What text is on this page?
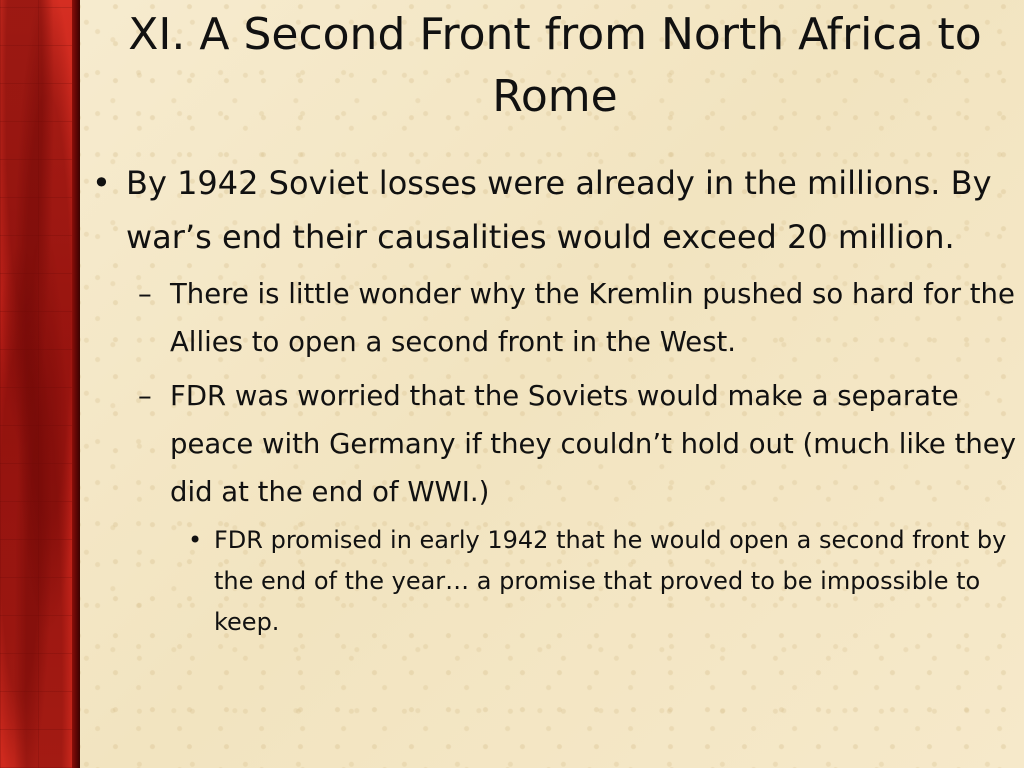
XI. A Second Front from North Africa to Rome

• By 1942 Soviet losses were already in the millions. By war’s end their causalities would exceed 20 million.

– There is little wonder why the Kremlin pushed so hard for the Allies to open a second front in the West.

– FDR was worried that the Soviets would make a separate peace with Germany if they couldn’t hold out (much like they did at the end of WWI.)

• FDR promised in early 1942 that he would open a second front by the end of the year… a promise that proved to be impossible to keep.
